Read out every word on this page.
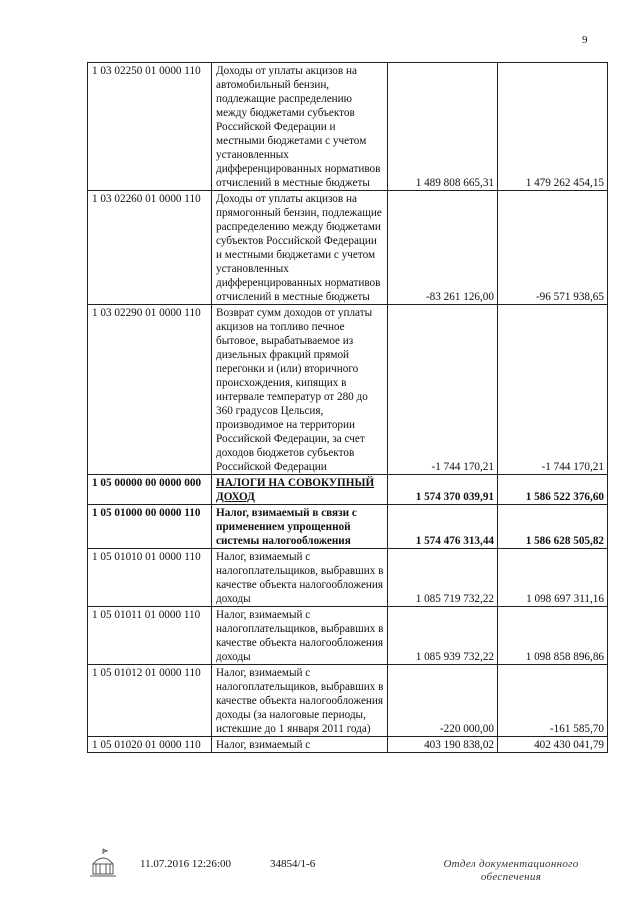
9
1 03 02250 01 0000 110	Доходы от уплаты акцизов на автомобильный бензин, подлежащие распределению между бюджетами субъектов Российской Федерации и местными бюджетами с учетом установленных дифференцированных нормативов отчислений в местные бюджеты	1 489 808 665,31	1 479 262 454,15
1 03 02260 01 0000 110	Доходы от уплаты акцизов на прямогонный бензин, подлежащие распределению между бюджетами субъектов Российской Федерации и местными бюджетами с учетом установленных дифференцированных нормативов отчислений в местные бюджеты	-83 261 126,00	-96 571 938,65
1 03 02290 01 0000 110	Возврат сумм доходов от уплаты акцизов на топливо печное бытовое, вырабатываемое из дизельных фракций прямой перегонки и (или) вторичного происхождения, кипящих в интервале температур от 280 до 360 градусов Цельсия, производимое на территории Российской Федерации, за счет доходов бюджетов субъектов Российской Федерации	-1 744 170,21	-1 744 170,21
1 05 00000 00 0000 000	НАЛОГИ НА СОВОКУПНЫЙ ДОХОД	1 574 370 039,91	1 586 522 376,60
1 05 01000 00 0000 110	Налог, взимаемый в связи с применением упрощенной системы налогообложения	1 574 476 313,44	1 586 628 505,82
1 05 01010 01 0000 110	Налог, взимаемый с налогоплательщиков, выбравших в качестве объекта налогообложения доходы	1 085 719 732,22	1 098 697 311,16
1 05 01011 01 0000 110	Налог, взимаемый с налогоплательщиков, выбравших в качестве объекта налогообложения доходы	1 085 939 732,22	1 098 858 896,86
1 05 01012 01 0000 110	Налог, взимаемый с налогоплательщиков, выбравших в качестве объекта налогообложения доходы (за налоговые периоды, истекшие до 1 января 2011 года)	-220 000,00	-161 585,70
1 05 01020 01 0000 110	Налог, взимаемый с	403 190 838,02	402 430 041,79
11.07.2016 12:26:00	34854/1-6	Отдел документационного
обеспечения
